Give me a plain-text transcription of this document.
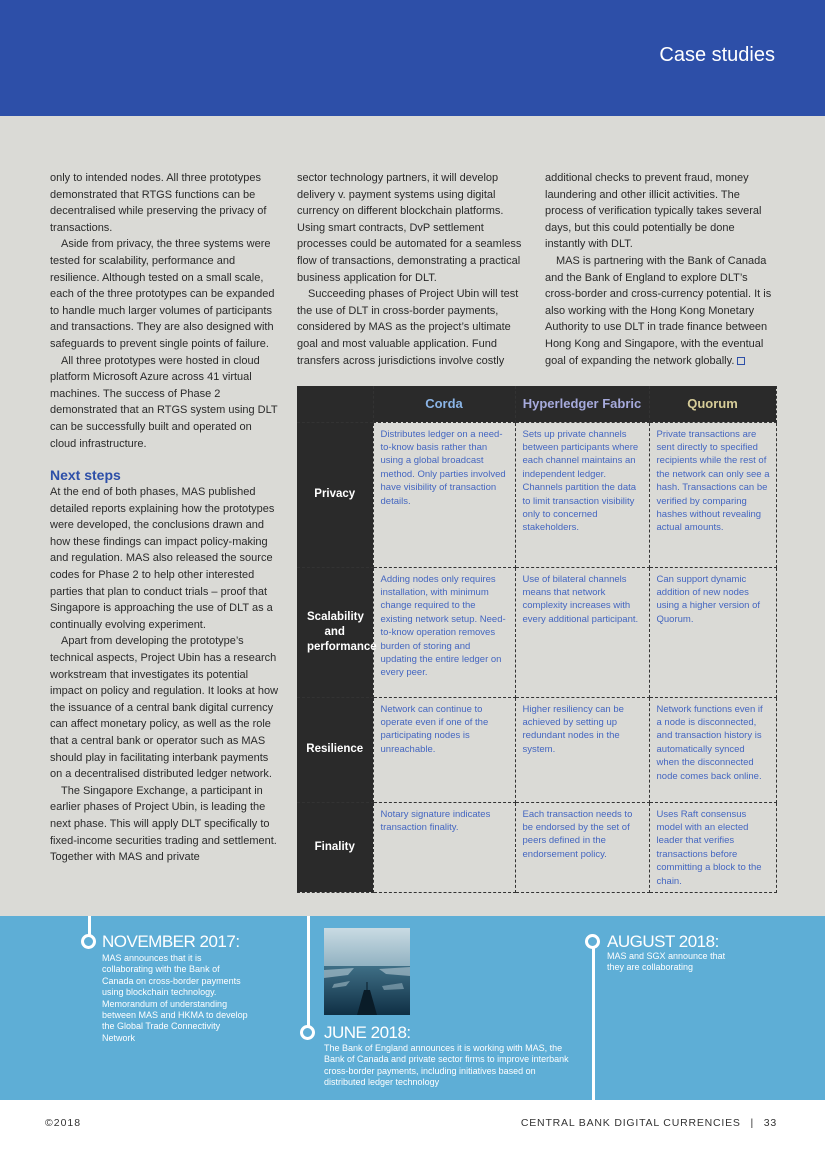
Case studies

only to intended nodes. All three prototypes demonstrated that RTGS functions can be decentralised while preserving the privacy of transactions.

Aside from privacy, the three systems were tested for scalability, performance and resilience. Although tested on a small scale, each of the three prototypes can be expanded to handle much larger volumes of participants and transactions. They are also designed with safeguards to prevent single points of failure.

All three prototypes were hosted in cloud platform Microsoft Azure across 41 virtual machines. The success of Phase 2 demonstrated that an RTGS system using DLT can be successfully built and operated on cloud infrastructure.

Next steps

At the end of both phases, MAS published detailed reports explaining how the prototypes were developed, the conclusions drawn and how these findings can impact policy-making and regulation. MAS also released the source codes for Phase 2 to help other interested parties that plan to conduct trials – proof that Singapore is approaching the use of DLT as a continually evolving experiment.

Apart from developing the prototype’s technical aspects, Project Ubin has a research workstream that investigates its potential impact on policy and regulation. It looks at how the issuance of a central bank digital currency can affect monetary policy, as well as the role that a central bank or operator such as MAS should play in facilitating interbank payments on a decentralised distributed ledger network.

The Singapore Exchange, a participant in earlier phases of Project Ubin, is leading the next phase. This will apply DLT specifically to fixed-income securities trading and settlement. Together with MAS and private

sector technology partners, it will develop delivery v. payment systems using digital currency on different blockchain platforms. Using smart contracts, DvP settlement processes could be automated for a seamless flow of transactions, demonstrating a practical business application for DLT.

Succeeding phases of Project Ubin will test the use of DLT in cross-border payments, considered by MAS as the project’s ultimate goal and most valuable application. Fund transfers across jurisdictions involve costly

additional checks to prevent fraud, money laundering and other illicit activities. The process of verification typically takes several days, but this could potentially be done instantly with DLT.

MAS is partnering with the Bank of Canada and the Bank of England to explore DLT’s cross-border and cross-currency potential. It is also working with the Hong Kong Monetary Authority to use DLT in trade finance between Hong Kong and Singapore, with the eventual goal of expanding the network globally.

	Corda	Hyperledger Fabric	Quorum
Privacy	Distributes ledger on a need-to-know basis rather than using a global broadcast method. Only parties involved have visibility of transaction details.	Sets up private channels between participants where each channel maintains an independent ledger. Channels partition the data to limit transaction visibility only to concerned stakeholders.	Private transactions are sent directly to specified recipients while the rest of the network can only see a hash. Transactions can be verified by comparing hashes without revealing actual amounts.
Scalability and performance	Adding nodes only requires installation, with minimum change required to the existing network setup. Need-to-know operation removes burden of storing and updating the entire ledger on every peer.	Use of bilateral channels means that network complexity increases with every additional participant.	Can support dynamic addition of new nodes using a higher version of Quorum.
Resilience	Network can continue to operate even if one of the participating nodes is unreachable.	Higher resiliency can be achieved by setting up redundant nodes in the system.	Network functions even if a node is disconnected, and transaction history is automatically synced when the disconnected node comes back online.
Finality	Notary signature indicates transaction finality.	Each transaction needs to be endorsed by the set of peers defined in the endorsement policy.	Uses Raft consensus model with an elected leader that verifies transactions before committing a block to the chain.
NOVEMBER 2017:
MAS announces that it is collaborating with the Bank of Canada on cross-border payments using blockchain technology. Memorandum of understanding between MAS and HKMA to develop the Global Trade Connectivity Network	JUNE 2018:
The Bank of England announces it is working with MAS, the Bank of Canada and private sector firms to improve interbank cross-border payments, including initiatives based on distributed ledger technology
AUGUST 2018:
MAS and SGX announce that they are collaborating
©2018	CENTRAL BANK DIGITAL CURRENCIES | 33
